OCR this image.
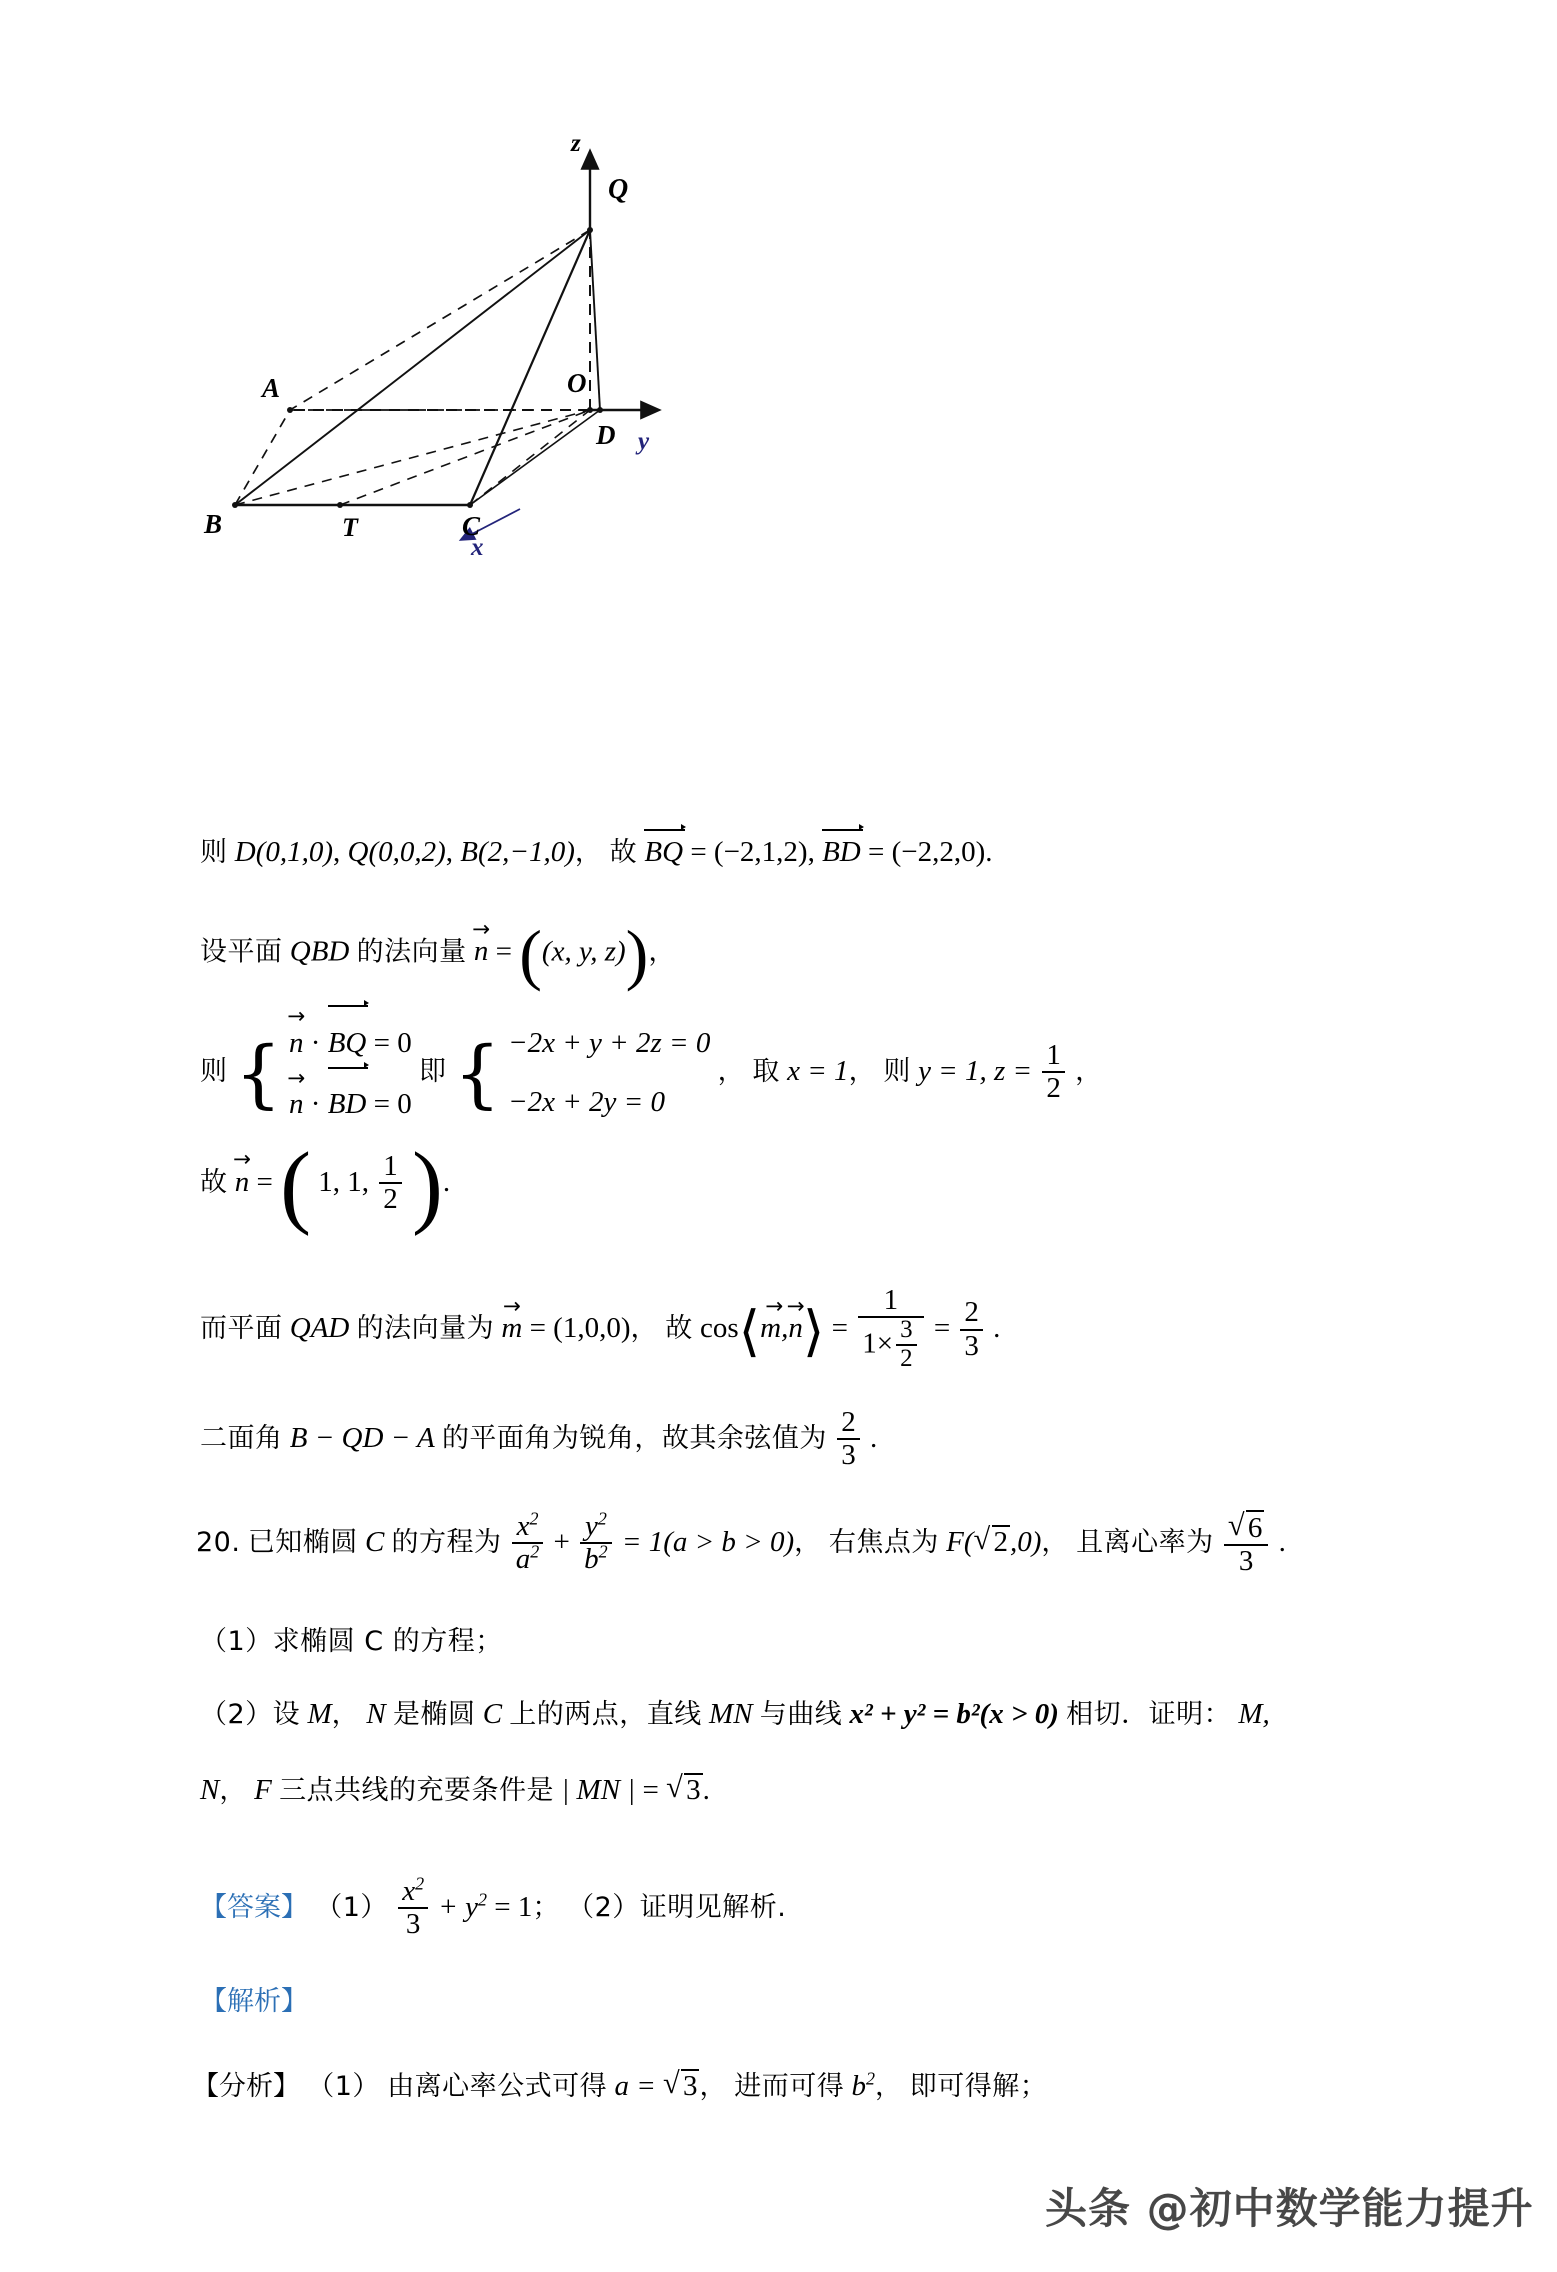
z
Q
O
A
B	C
D
T
y
x
则 D(0,1,0), Q(0,0,2), B(2,−1,0)， 故 BQ = (−2,1,2), BD = (−2,2,0).
设平面 QBD 的法向量 n → = ((x, y, z))，
则 { n → · BQ = 0
n → · BD = 0
即 { −2x + y + 2z = 0
−2x + 2y = 0
， 取 x = 1， 则 y = 1, $z = \frac{1}{2}$ ，
故 n → = ( 1, 1, $\frac{1}{2}$ ).
而平面 QAD 的法向量为 m → = (1,0,0)， 故 cos⟨m, →n →⟩ = $\frac{1}{1\times \frac{3}{2}} = \frac{2}{3}$ .
二面角 B − QD − A 的平面角为锐角，故其余弦值为 $\frac{2}{3}$ .
20. 已知椭圆 C 的方程为 $\frac{x^2}{a^2} + \frac{y^2}{b^2} = 1(a > b > 0)$， 右焦点为 F( √ 2,0)， 且离心率为 $\frac{√ 6}{3}$ .
（1）求椭圆 C 的方程；
（2）设 M， N 是椭圆 C 上的两点，直线 MN 与曲线 x² + y² = b²(x > 0) 相切．证明： M,
N， F 三点共线的充要条件是 | MN | = √ 3.
【答案】 $(1) \frac{x^2}{3} + y^2 = 1$； （2）证明见解析.
【解析】
【分析】 （1） 由离心率公式可得 a = √ 3， 进而可得 $b^2$， 即可得解；
头条 @初中数学能力提升
